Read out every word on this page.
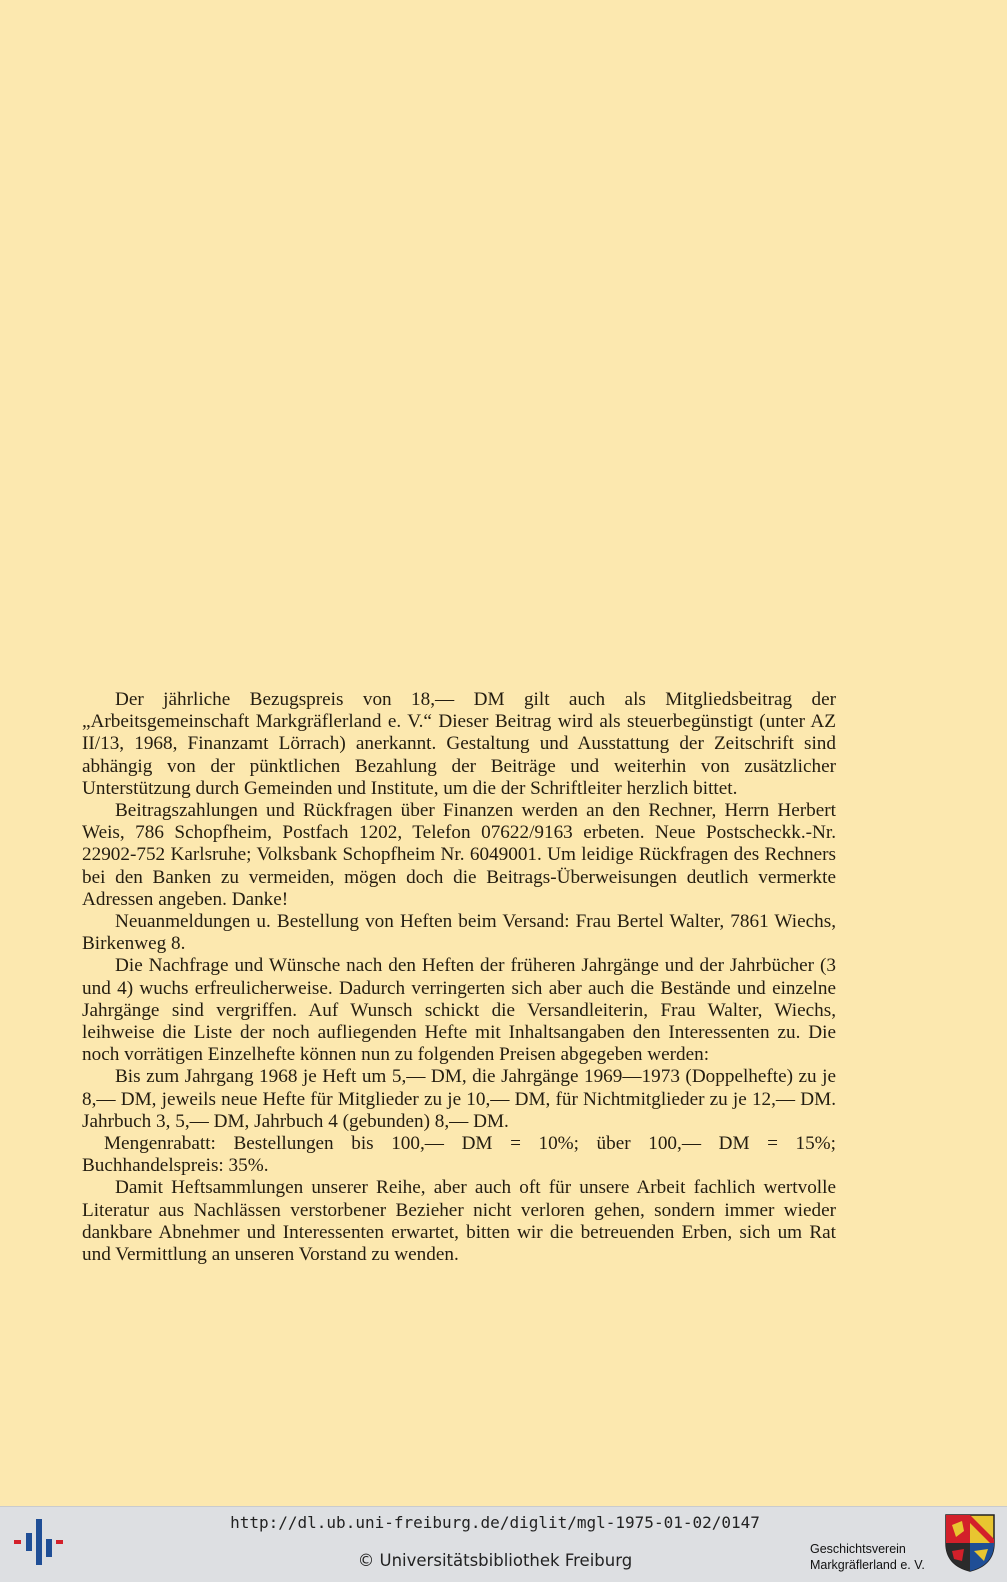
Der jährliche Bezugspreis von 18,— DM gilt auch als Mitgliedsbeitrag der „Arbeitsgemeinschaft Markgräflerland e. V.“ Dieser Beitrag wird als steuerbegünstigt (unter AZ II/13, 1968, Finanzamt Lörrach) anerkannt. Gestaltung und Ausstattung der Zeitschrift sind abhängig von der pünktlichen Bezahlung der Beiträge und weiterhin von zusätzlicher Unterstützung durch Gemeinden und Institute, um die der Schriftleiter herzlich bittet.

Beitragszahlungen und Rückfragen über Finanzen werden an den Rechner, Herrn Herbert Weis, 786 Schopfheim, Postfach 1202, Telefon 07622/9163 erbeten. Neue Postscheckk.-Nr. 22902-752 Karlsruhe; Volksbank Schopfheim Nr. 6049001. Um leidige Rückfragen des Rechners bei den Banken zu vermeiden, mögen doch die Beitrags-Überweisungen deutlich vermerkte Adressen angeben. Danke!

Neuanmeldungen u. Bestellung von Heften beim Versand: Frau Bertel Walter, 7861 Wiechs, Birkenweg 8.

Die Nachfrage und Wünsche nach den Heften der früheren Jahrgänge und der Jahrbücher (3 und 4) wuchs erfreulicherweise. Dadurch verringerten sich aber auch die Bestände und einzelne Jahrgänge sind vergriffen. Auf Wunsch schickt die Versandleiterin, Frau Walter, Wiechs, leihweise die Liste der noch aufliegenden Hefte mit Inhaltsangaben den Interessenten zu. Die noch vorrätigen Einzelhefte können nun zu folgenden Preisen abgegeben werden:

Bis zum Jahrgang 1968 je Heft um 5,— DM, die Jahrgänge 1969—1973 (Doppelhefte) zu je 8,— DM, jeweils neue Hefte für Mitglieder zu je 10,— DM, für Nichtmitglieder zu je 12,— DM. Jahrbuch 3, 5,— DM, Jahrbuch 4 (gebunden) 8,— DM.

Mengenrabatt: Bestellungen bis 100,— DM = 10%; über 100,— DM = 15%; Buchhandelspreis: 35%.

Damit Heftsammlungen unserer Reihe, aber auch oft für unsere Arbeit fachlich wertvolle Literatur aus Nachlässen verstorbener Bezieher nicht verloren gehen, sondern immer wieder dankbare Abnehmer und Interessenten erwartet, bitten wir die betreuenden Erben, sich um Rat und Vermittlung an unseren Vorstand zu wenden.

http://dl.ub.uni-freiburg.de/diglit/mgl-1975-01-02/0147
© Universitätsbibliothek Freiburg
Geschichtsverein
Markgräflerland e. V.
